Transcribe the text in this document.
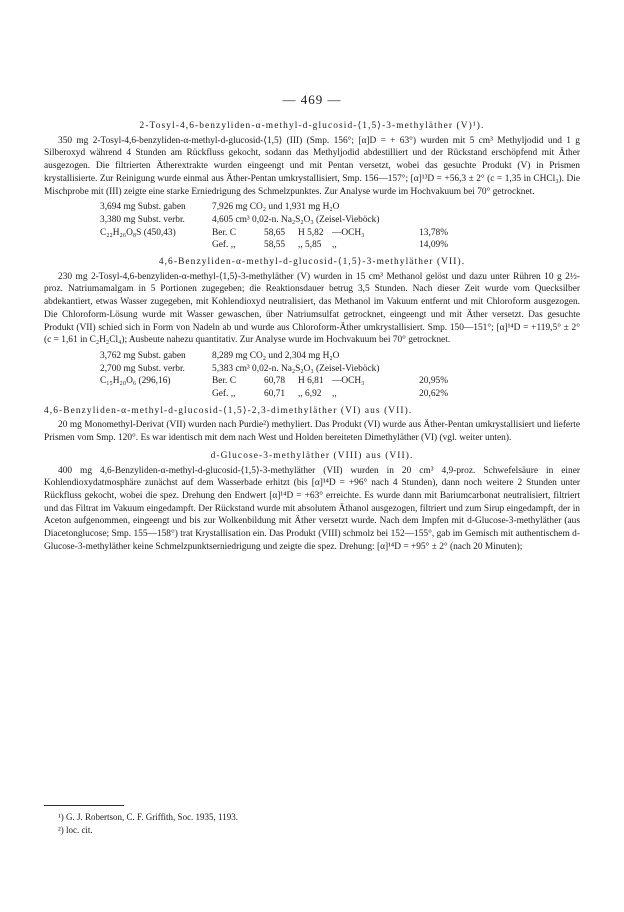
— 469 —
2-Tosyl-4,6-benzyliden-α-methyl-d-glucosid-⟨1,5⟩-3-methyläther (V)¹).

350 mg 2-Tosyl-4,6-benzyliden-α-methyl-d-glucosid-⟨1,5⟩ (III) (Smp. 156°; [α]D = + 63°) wurden mit 5 cm³ Methyljodid und 1 g Silberoxyd während 4 Stunden am Rückfluss gekocht, sodann das Methyljodid abdestilliert und der Rückstand erschöpfend mit Äther ausgezogen. Die filtrierten Ätherextrakte wurden eingeengt und mit Pentan versetzt, wobei das gesuchte Produkt (V) in Prismen krystallisierte. Zur Reinigung wurde einmal aus Äther-Pentan umkrystallisiert, Smp. 156—157°; [α]¹³D = +56,3 ± 2° (c = 1,35 in CHCl₃). Die Mischprobe mit (III) zeigte eine starke Erniedrigung des Schmelzpunktes. Zur Analyse wurde im Hochvakuum bei 70° getrocknet.

3,694 mg Subst. gaben	7,926 mg CO₂ und 1,931 mg H₂O
3,380 mg Subst. verbr.	4,605 cm³ 0,02-n. Na₂S₂O₃ (Zeisel-Vieböck)
C₂₂H₂₆O₈S (450,43)	Ber. C	58,65	H 5,82 —OCH₃	13,78%
Gef. ,,	58,55	,, 5,85	,,	14,09%
4,6-Benzyliden-α-methyl-d-glucosid-⟨1,5⟩-3-methyläther (VII).

230 mg 2-Tosyl-4,6-benzyliden-α-methyl-⟨1,5⟩-3-methyläther (V) wurden in 15 cm³ Methanol gelöst und dazu unter Rühren 10 g 2½-proz. Natriumamalgam in 5 Portionen zugegeben; die Reaktionsdauer betrug 3,5 Stunden. Nach dieser Zeit wurde vom Quecksilber abdekantiert, etwas Wasser zugegeben, mit Kohlendioxyd neutralisiert, das Methanol im Vakuum entfernt und mit Chloroform ausgezogen. Die Chloroform-Lösung wurde mit Wasser gewaschen, über Natriumsulfat getrocknet, eingeengt und mit Äther versetzt. Das gesuchte Produkt (VII) schied sich in Form von Nadeln ab und wurde aus Chloroform-Äther umkrystallisiert. Smp. 150—151°; [α]¹⁴D = +119,5° ± 2° (c = 1,61 in C₂H₂Cl₄); Ausbeute nahezu quantitativ. Zur Analyse wurde im Hochvakuum bei 70° getrocknet.

3,762 mg Subst. gaben	8,289 mg CO₂ und 2,304 mg H₂O
2,700 mg Subst. verbr.	5,383 cm³ 0,02-n. Na₂S₂O₃ (Zeisel-Vieböck)
C₁₅H₂₀O₆ (296,16)	Ber. C	60,78	H 6,81 —OCH₃	20,95%
Gef. ,,	60,71	,, 6,92	,,	20,62%
4,6-Benzyliden-α-methyl-d-glucosid-⟨1,5⟩-2,3-dimethyläther (VI) aus (VII).

20 mg Monomethyl-Derivat (VII) wurden nach Purdie²) methyliert. Das Produkt (VI) wurde aus Äther-Pentan umkrystallisiert und lieferte Prismen vom Smp. 120°. Es war identisch mit dem nach West und Holden bereiteten Dimethyläther (VI) (vgl. weiter unten).

d-Glucose-3-methyläther (VIII) aus (VII).

400 mg 4,6-Benzyliden-α-methyl-d-glucosid-⟨1,5⟩-3-methyläther (VII) wurden in 20 cm³ 4,9-proz. Schwefelsäure in einer Kohlendioxydatmosphäre zunächst auf dem Wasserbade erhitzt (bis [α]¹⁴D = +96° nach 4 Stunden), dann noch weitere 2 Stunden unter Rückfluss gekocht, wobei die spez. Drehung den Endwert [α]¹⁴D = +63° erreichte. Es wurde dann mit Bariumcarbonat neutralisiert, filtriert und das Filtrat im Vakuum eingedampft. Der Rückstand wurde mit absolutem Äthanol ausgezogen, filtriert und zum Sirup eingedampft, der in Aceton aufgenommen, eingeengt und bis zur Wolkenbildung mit Äther versetzt wurde. Nach dem Impfen mit d-Glucose-3-methyläther (aus Diacetonglucose; Smp. 155—158°) trat Krystallisation ein. Das Produkt (VIII) schmolz bei 152—155°, gab im Gemisch mit authentischem d-Glucose-3-methyläther keine Schmelzpunktserniedrigung und zeigte die spez. Drehung: [α]¹⁴D = +95° ± 2° (nach 20 Minuten);

¹) G. J. Robertson, C. F. Griffith, Soc. 1935, 1193.
²) loc. cit.
